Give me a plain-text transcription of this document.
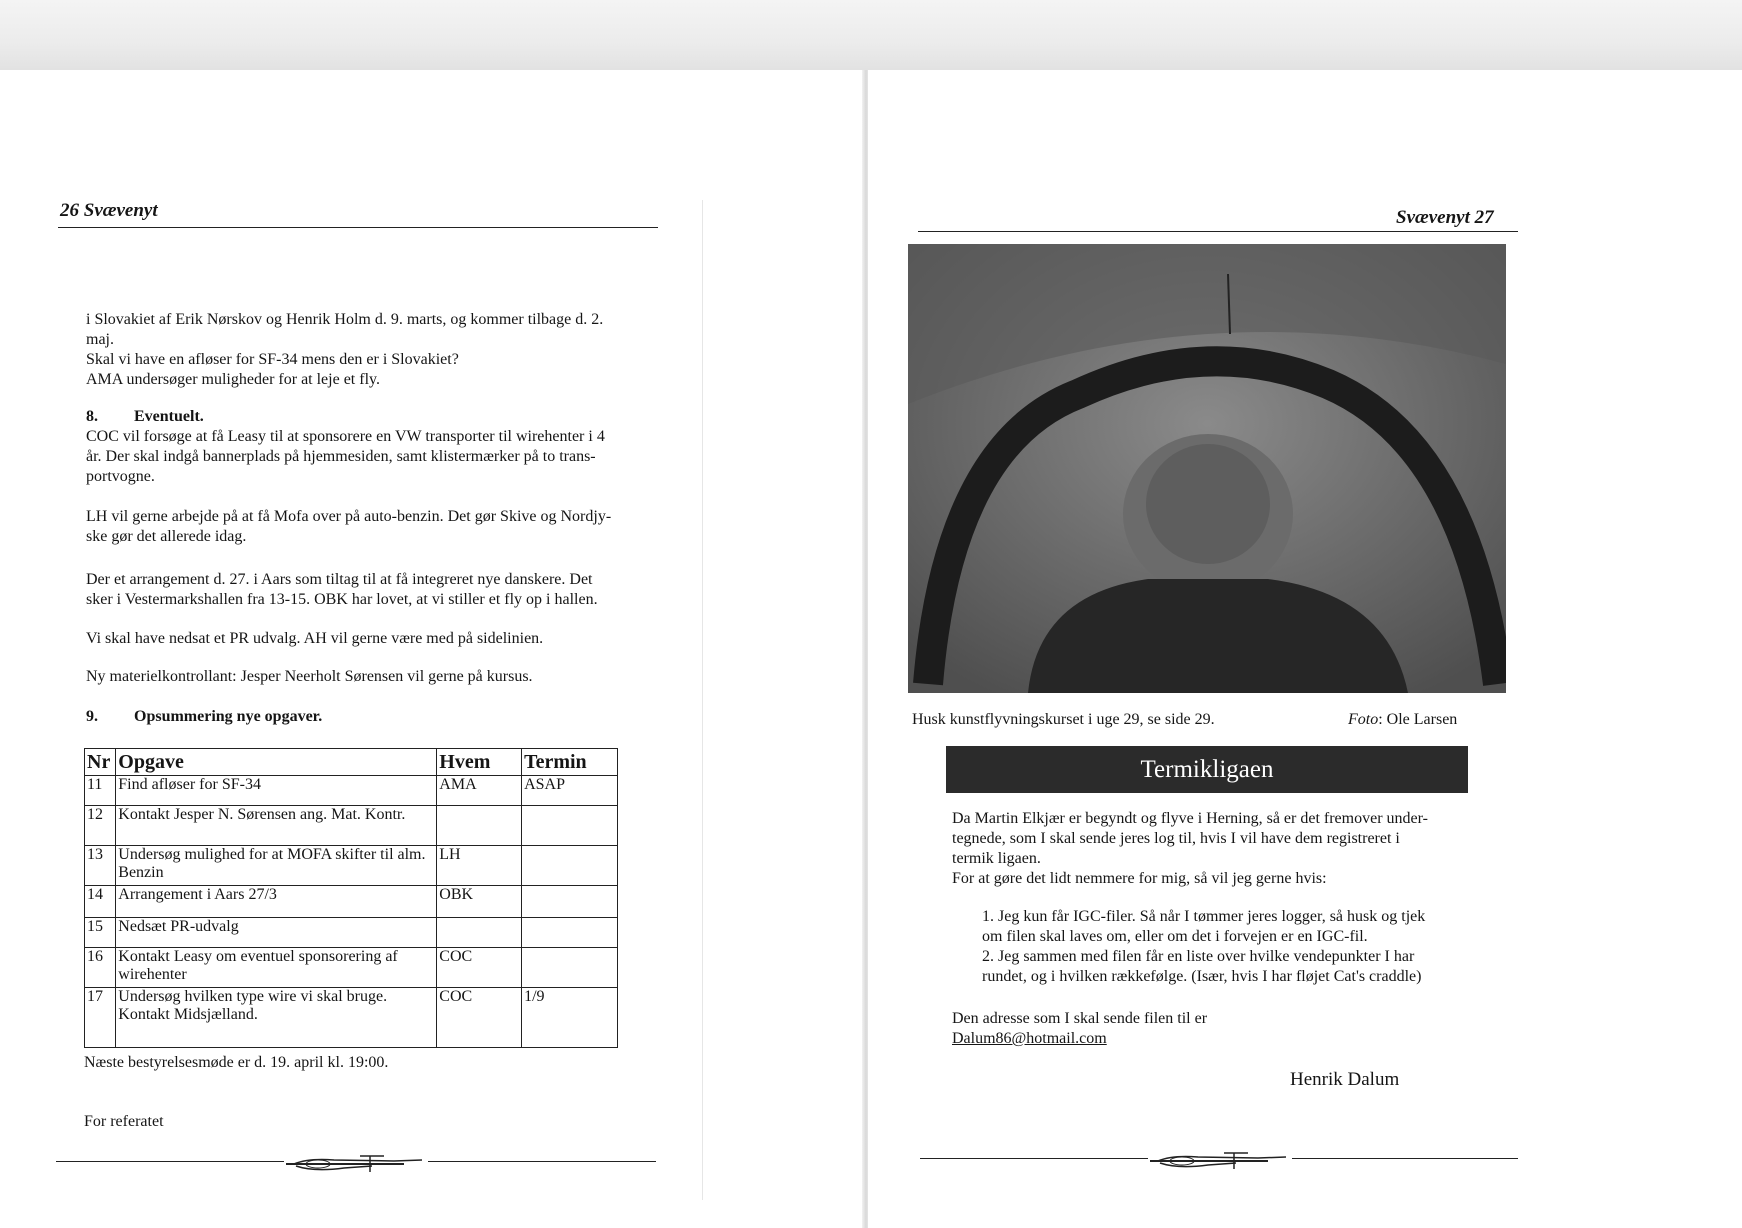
26 Svævenyt
i Slovakiet af Erik Nørskov og Henrik Holm d. 9. marts, og kommer tilbage d. 2.
maj.
Skal vi have en afløser for SF-34 mens den er i Slovakiet?
AMA undersøger muligheder for at leje et fly.
8. Eventuelt.
COC vil forsøge at få Leasy til at sponsorere en VW transporter til wirehenter i 4
år. Der skal indgå bannerplads på hjemmesiden, samt klistermærker på to trans-
portvogne.
LH vil gerne arbejde på at få Mofa over på auto-benzin. Det gør Skive og Nordjy-
ske gør det allerede idag.
Der et arrangement d. 27. i Aars som tiltag til at få integreret nye danskere. Det
sker i Vestermarkshallen fra 13-15. OBK har lovet, at vi stiller et fly op i hallen.
Vi skal have nedsat et PR udvalg. AH vil gerne være med på sidelinien.
Ny materielkontrollant: Jesper Neerholt Sørensen vil gerne på kursus.
9. Opsummering nye opgaver.
Nr	Opgave	Hvem	Termin
11	Find afløser for SF-34	AMA	ASAP
12	Kontakt Jesper N. Sørensen ang. Mat. Kontr.		
13	Undersøg mulighed for at MOFA skifter til alm. Benzin	LH	
14	Arrangement i Aars 27/3	OBK	
15	Nedsæt PR-udvalg		
16	Kontakt Leasy om eventuel sponsorering af wirehenter	COC	
17	Undersøg hvilken type wire vi skal bruge. Kontakt Midsjælland.	COC	1/9
Næste bestyrelsesmøde er d. 19. april kl. 19:00.
For referatet
Svævenyt 27
Husk kunstflyvningskurset i uge 29, se side 29.	Foto: Ole Larsen
Termikligaen
Da Martin Elkjær er begyndt og flyve i Herning, så er det fremover under-
tegnede, som I skal sende jeres log til, hvis I vil have dem registreret i
termik ligaen.
For at gøre det lidt nemmere for mig, så vil jeg gerne hvis:
1. Jeg kun får IGC-filer. Så når I tømmer jeres logger, så husk og tjek
om filen skal laves om, eller om det i forvejen er en IGC-fil.
2. Jeg sammen med filen får en liste over hvilke vendepunkter I har
rundet, og i hvilken rækkefølge. (Især, hvis I har fløjet Cat's craddle)
Den adresse som I skal sende filen til er
Dalum86@hotmail.com
Henrik Dalum
